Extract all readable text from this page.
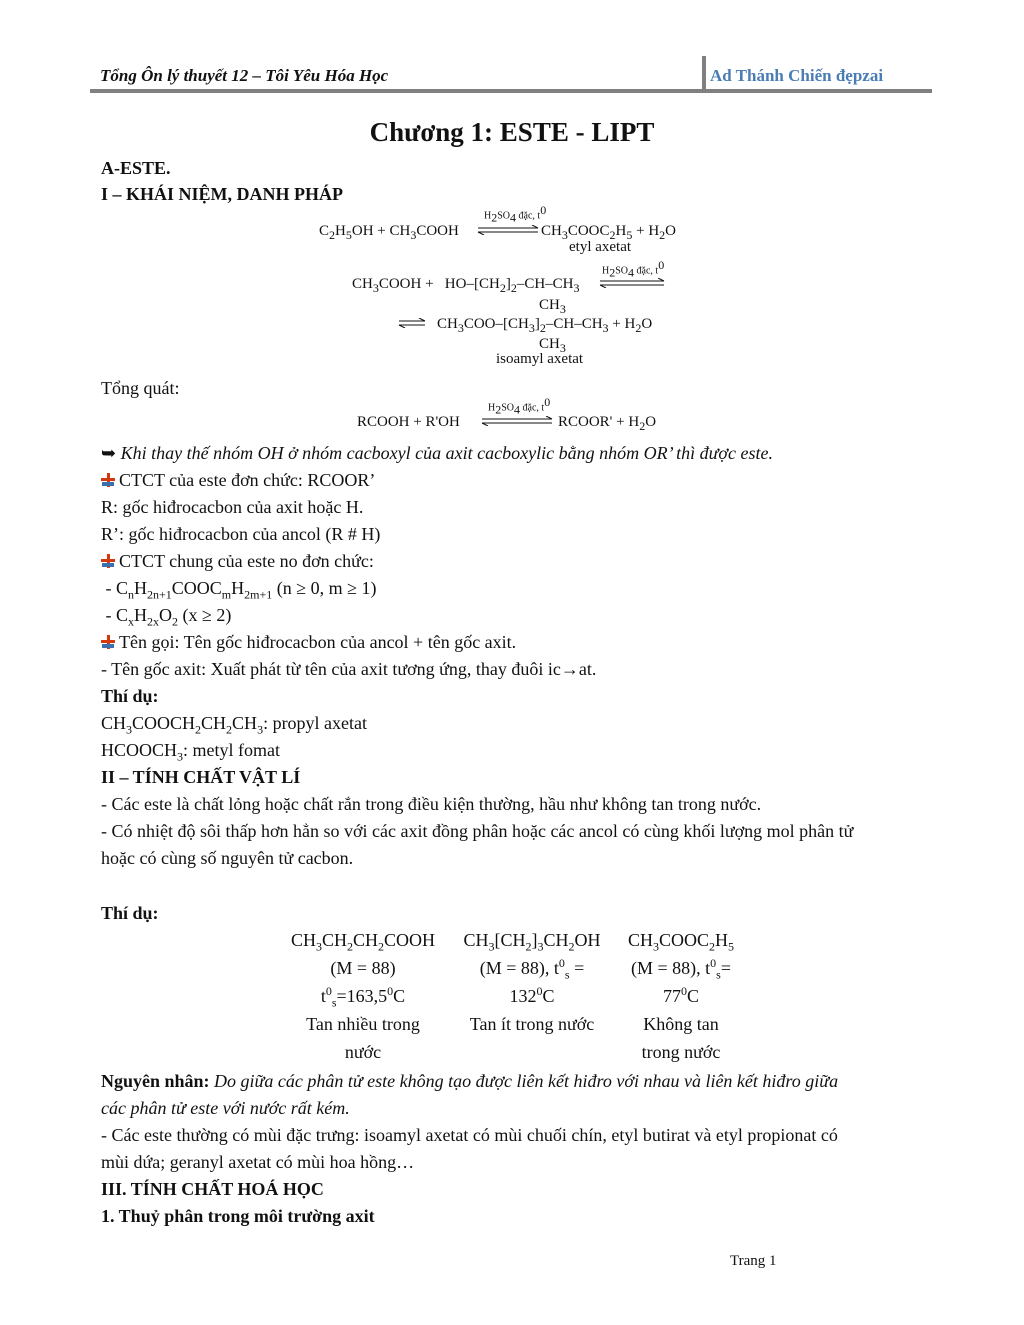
Tổng Ôn lý thuyết 12 – Tôi Yêu Hóa Học	Ad Thánh Chiến đẹpzai
Chương 1: ESTE - LIPT
A-ESTE.
I – KHÁI NIỆM, DANH PHÁP
$C_2H_5OH$ + $CH_3COOH$
$H_2SO_4$ đặc, $t^0$
⇌ $CH_3COOC_2H_5 + H_2O$
etyl axetat
$CH_3COOH + HO-[CH_2]_2-CH-CH_3$
$H_2SO_4$ đặc, $t^0$
$CH_3$
⇌ $CH_3COO-[CH_3]_2-CH-CH_3 + H_2O$
$CH_3$
isoamyl axetat
Tổng quát:
RCOOH + R'OH
$H_2SO_4$ đặc, $t^0$
RCOOR' + $H_2O$
➥ Khi thay thế nhóm OH ở nhóm cacboxyl của axit cacboxylic bằng nhóm OR’ thì được este.
CTCT của este đơn chức: RCOOR’
R: gốc hiđrocacbon của axit hoặc H.
R’: gốc hiđrocacbon của ancol (R # H)
CTCT chung của este no đơn chức:
- $C_nH_{2n+1}COOC_mH_{2m+1}$ (n ≥ 0, m ≥ 1)
- $C_xH_{2x}O_2$ (x ≥ 2)
Tên gọi: Tên gốc hiđrocacbon của ancol + tên gốc axit.
- Tên gốc axit: Xuất phát từ tên của axit tương ứng, thay đuôi ic→at.
Thí dụ:
$CH_3COOCH_2CH_2CH_3$: propyl axetat
$HCOOCH_3$: metyl fomat
II – TÍNH CHẤT VẬT LÍ
- Các este là chất lỏng hoặc chất rắn trong điều kiện thường, hầu như không tan trong nước.
- Có nhiệt độ sôi thấp hơn hẳn so với các axit đồng phân hoặc các ancol có cùng khối lượng mol phân tử
hoặc có cùng số nguyên tử cacbon.
Thí dụ:
$CH_3CH_2CH_2COOH$
(M = 88)
$t^0_s=163,5^0C$
Tan nhiều trong
nước
$CH_3[CH_2]_3CH_2OH$
(M = 88), $t^0_s$ =
$132^0C$
Tan ít trong nước
$CH_3COOC_2H_5$
(M = 88), $t^0_s=$
$77^0C$
Không tan
trong nước
Nguyên nhân: Do giữa các phân tử este không tạo được liên kết hiđro với nhau và liên kết hiđro giữa
các phân tử este với nước rất kém.
- Các este thường có mùi đặc trưng: isoamyl axetat có mùi chuối chín, etyl butirat và etyl propionat có
mùi dứa; geranyl axetat có mùi hoa hồng…
III. TÍNH CHẤT HOÁ HỌC
1. Thuỷ phân trong môi trường axit
Trang 1
